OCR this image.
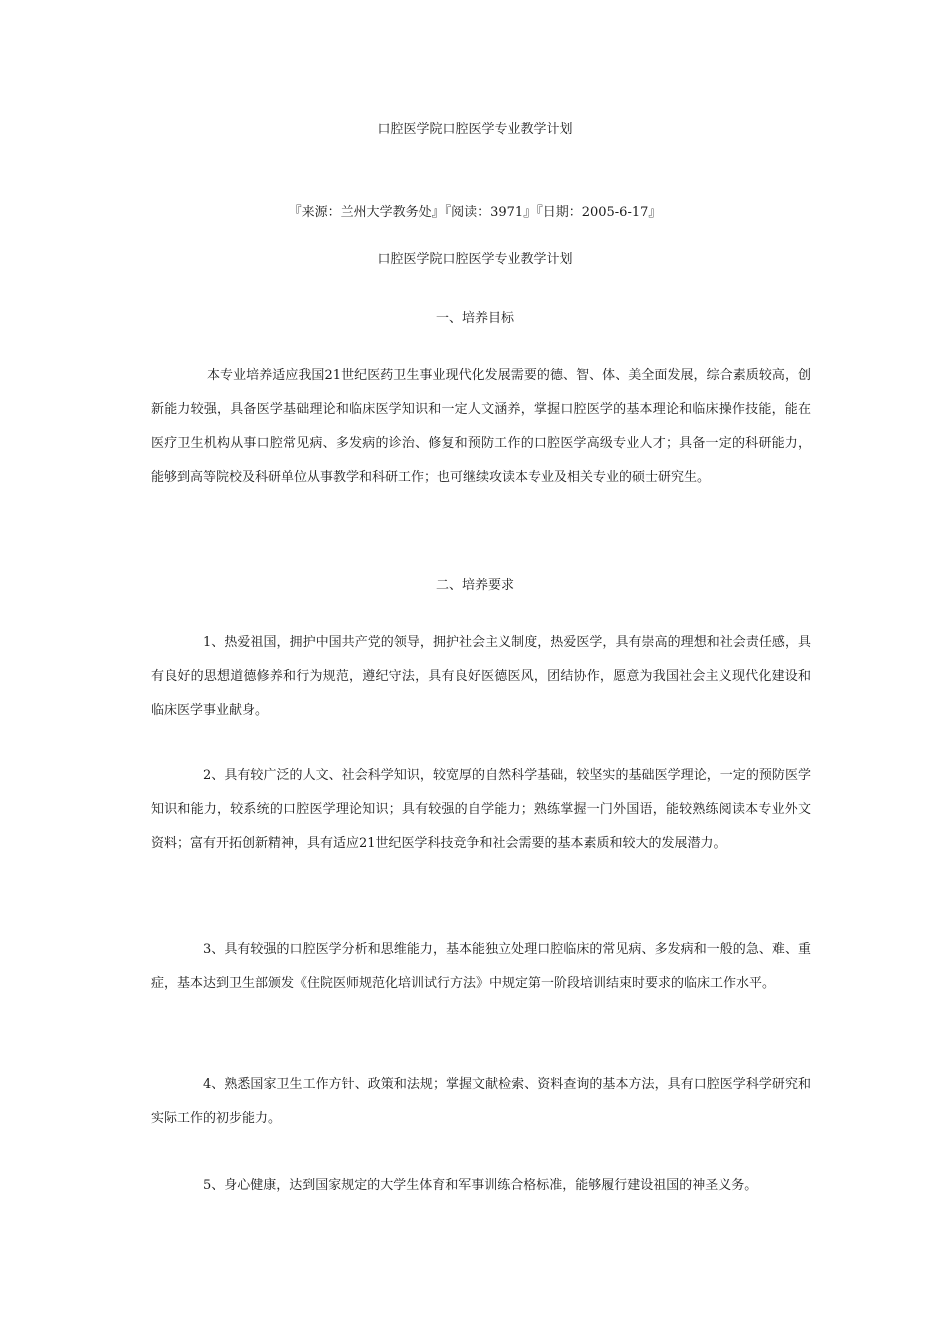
口腔医学院口腔医学专业教学计划
『来源：兰州大学教务处』『阅读：3971』『日期：2005-6-17』
口腔医学院口腔医学专业教学计划
一、培养目标

本专业培养适应我国21世纪医药卫生事业现代化发展需要的德、智、体、美全面发展，综合素质较高，创新能力较强，具备医学基础理论和临床医学知识和一定人文涵养，掌握口腔医学的基本理论和临床操作技能，能在医疗卫生机构从事口腔常见病、多发病的诊治、修复和预防工作的口腔医学高级专业人才；具备一定的科研能力，能够到高等院校及科研单位从事教学和科研工作；也可继续攻读本专业及相关专业的硕士研究生。

二、培养要求

1、热爱祖国，拥护中国共产党的领导，拥护社会主义制度，热爱医学，具有崇高的理想和社会责任感，具有良好的思想道德修养和行为规范，遵纪守法，具有良好医德医风，团结协作，愿意为我国社会主义现代化建设和临床医学事业献身。

2、具有较广泛的人文、社会科学知识，较宽厚的自然科学基础，较坚实的基础医学理论，一定的预防医学知识和能力，较系统的口腔医学理论知识；具有较强的自学能力；熟练掌握一门外国语，能较熟练阅读本专业外文资料；富有开拓创新精神，具有适应21世纪医学科技竞争和社会需要的基本素质和较大的发展潜力。

3、具有较强的口腔医学分析和思维能力，基本能独立处理口腔临床的常见病、多发病和一般的急、难、重症，基本达到卫生部颁发《住院医师规范化培训试行方法》中规定第一阶段培训结束时要求的临床工作水平。

4、熟悉国家卫生工作方针、政策和法规；掌握文献检索、资料查询的基本方法，具有口腔医学科学研究和实际工作的初步能力。

5、身心健康，达到国家规定的大学生体育和军事训练合格标准，能够履行建设祖国的神圣义务。
